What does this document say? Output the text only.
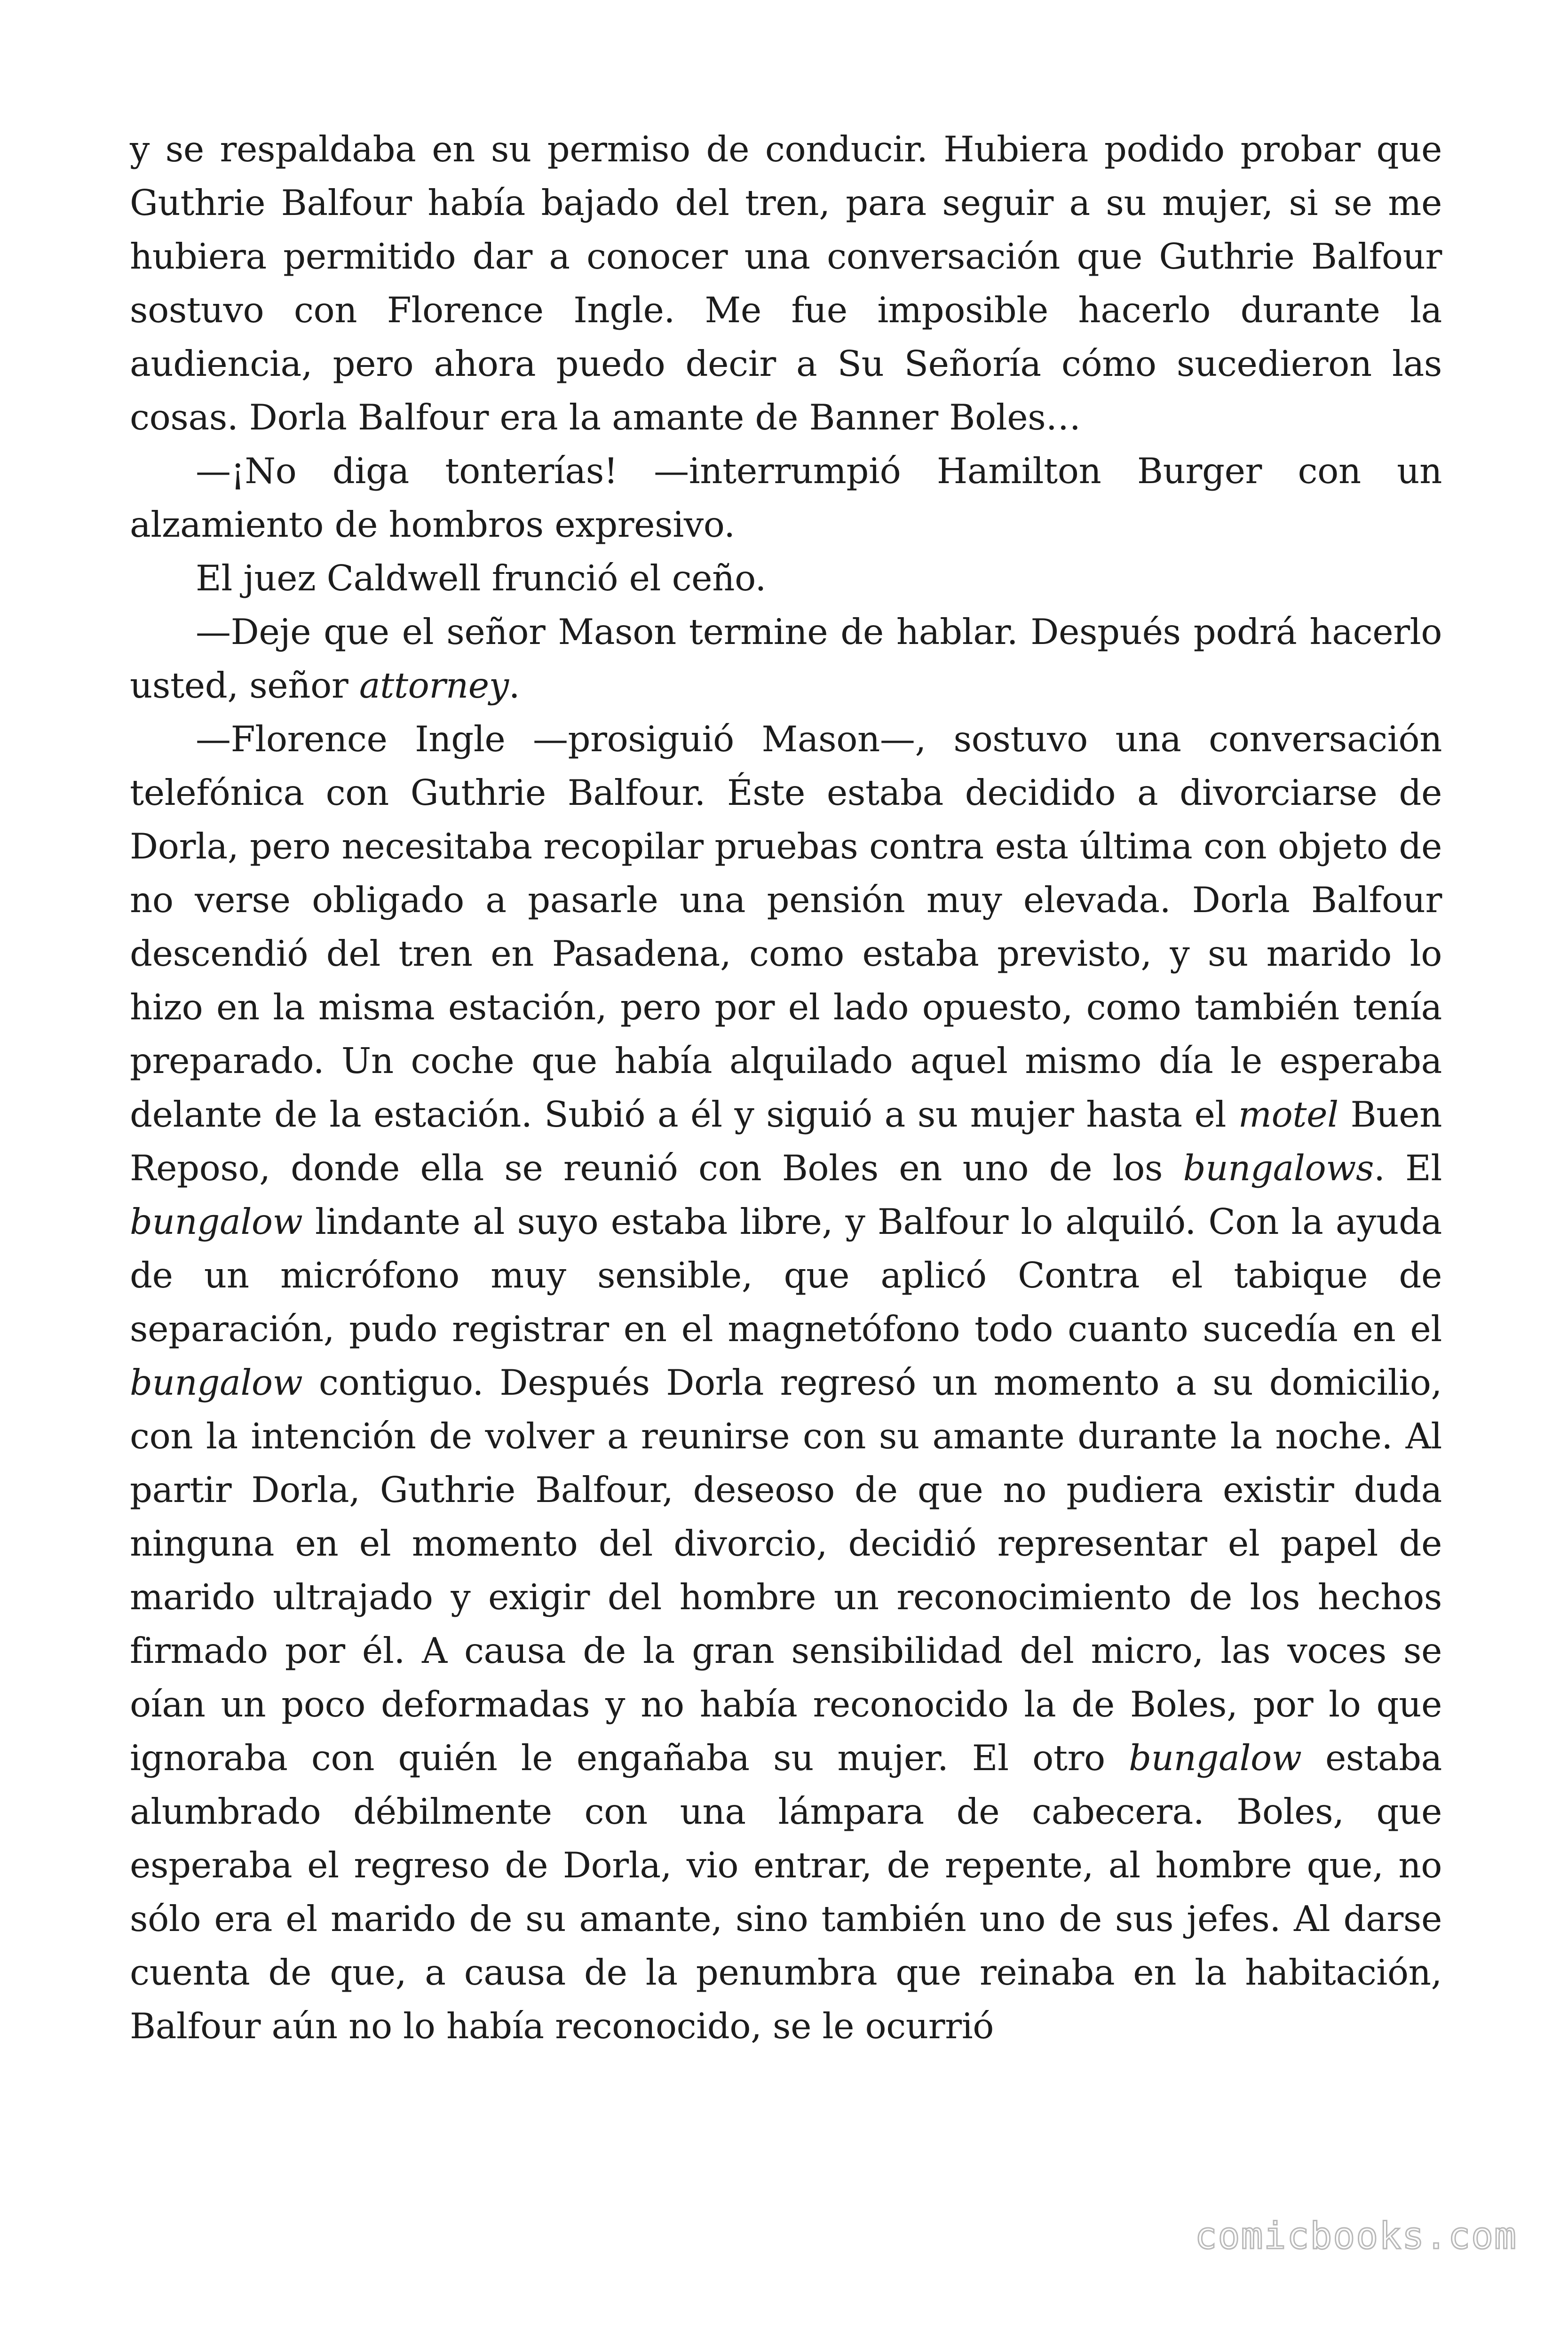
y se respaldaba en su permiso de conducir. Hubiera podido probar que Guthrie Balfour había bajado del tren, para seguir a su mujer, si se me hubiera permitido dar a conocer una conversación que Guthrie Balfour sostuvo con Florence Ingle. Me fue imposible hacerlo durante la audiencia, pero ahora puedo decir a Su Señoría cómo sucedieron las cosas. Dorla Balfour era la amante de Banner Boles…

—¡No diga tonterías! —interrumpió Hamilton Burger con un alzamiento de hombros expresivo.

El juez Caldwell frunció el ceño.

—Deje que el señor Mason termine de hablar. Después podrá hacerlo usted, señor attorney.

—Florence Ingle —prosiguió Mason—, sostuvo una conversación telefónica con Guthrie Balfour. Éste estaba decidido a divorciarse de Dorla, pero necesitaba recopilar pruebas contra esta última con objeto de no verse obligado a pasarle una pensión muy elevada. Dorla Balfour descendió del tren en Pasadena, como estaba previsto, y su marido lo hizo en la misma estación, pero por el lado opuesto, como también tenía preparado. Un coche que había alquilado aquel mismo día le esperaba delante de la estación. Subió a él y siguió a su mujer hasta el motel Buen Reposo, donde ella se reunió con Boles en uno de los bungalows. El bungalow lindante al suyo estaba libre, y Balfour lo alquiló. Con la ayuda de un micrófono muy sensible, que aplicó Contra el tabique de separación, pudo registrar en el magnetófono todo cuanto sucedía en el bungalow contiguo. Después Dorla regresó un momento a su domicilio, con la intención de volver a reunirse con su amante durante la noche. Al partir Dorla, Guthrie Balfour, deseoso de que no pudiera existir duda ninguna en el momento del divorcio, decidió representar el papel de marido ultrajado y exigir del hombre un reconocimiento de los hechos firmado por él. A causa de la gran sensibilidad del micro, las voces se oían un poco deformadas y no había reconocido la de Boles, por lo que ignoraba con quién le engañaba su mujer. El otro bungalow estaba alumbrado débilmente con una lámpara de cabecera. Boles, que esperaba el regreso de Dorla, vio entrar, de repente, al hombre que, no sólo era el marido de su amante, sino también uno de sus jefes. Al darse cuenta de que, a causa de la penumbra que reinaba en la habitación, Balfour aún no lo había reconocido, se le ocurrió

comicbooks.com
